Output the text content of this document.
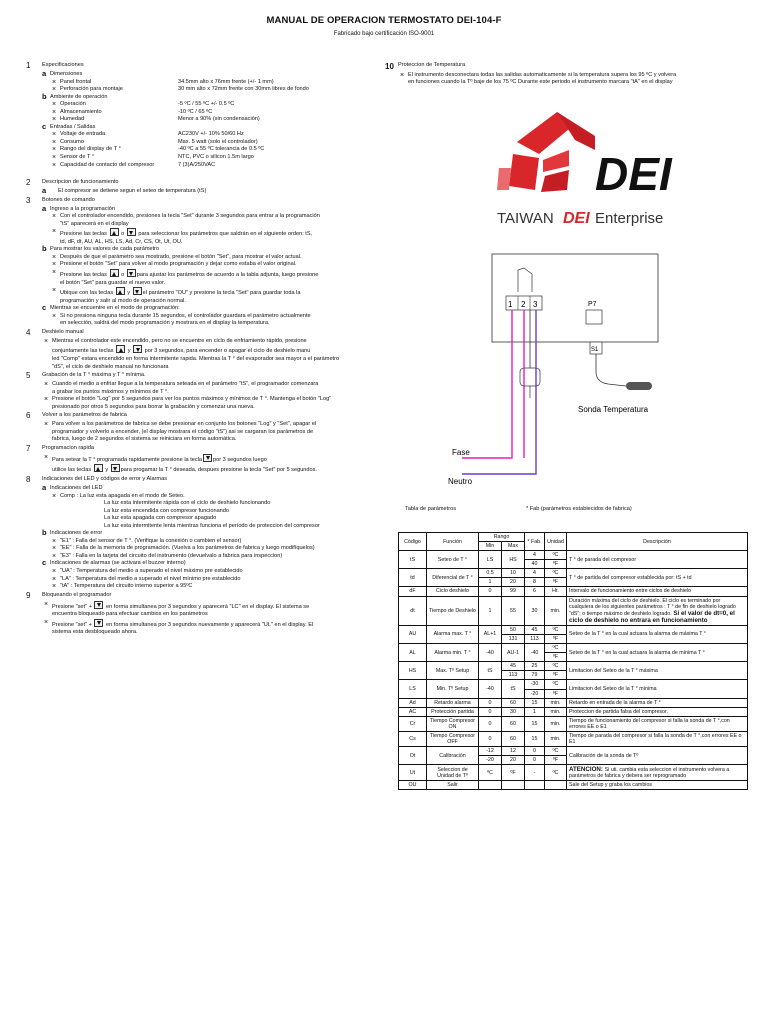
MANUAL DE OPERACION TERMOSTATO DEI-104-F
Fabricado bajo certificación ISO-9001
1 Especificaciones
a Dimensiones
× Panel frontal	34.5mm alto x 76mm frente (+/- 1 mm)
× Perforación para montaje	30 mm alto x 72mm frente con 30mm libres de fondo
b Ambiente de operación
× Operación	-5 ºC / 55 ºC +/- 0.5 ºC
× Almacenamiento	-10 ºC / 65 ºC
× Humedad	Menor a 90% (sin condensación)
c Entradas / Salidas
× Voltaje de entrada	AC230V +/- 10% 50/60 Hz
× Consumo	Max. 5 watt (solo el controlador)
× Rango del display de T °	-40 ºC a 55 ºC tolerancia de 0.5 ºC
× Sensor de T °	NTC, PVC o silicon 1.5m largo
× Capacidad de contacto del compresor	7 (3)A/250VAC
2 Descripcion de funcionamiento
a El compresor se detiene segun el seteo de temperatura (tS)
3 Botones de comando
a Ingreso a la programación
× Con el controlador encendido, presiones la tecla "Set" durante 3 segundos para entrar a la programación
"tS" aparecerá en el display
× Presione las teclas	o	para seleccionar los parámetros que saldrán en el siguiente orden: tS,
td, dF, dt, AU, AL, HS, LS, Ad, Cr, CS, Ot, Ut, OU.
b Para mostrar los valores de cada parámetro
× Después de que el parámetro sea mostrado, presione el botón "Set", para mostrar el valor actual.
× Presione el botón "Set" para volver al modo programación y dejar como estaba el valor original.
× Presione las teclas	o para ajustar los parámetros de acuerdo a la tabla adjunta, luego presione
el botón "Set" para guardar el nuevo valor.
× Ubique con las teclas	y el parámetro "OU" y presione la tecla "Set" para guardar toda la
programación y salir al modo de operación normal.
c Mientras se encuentre en el modo de programación:
× Si no presiona ninguna tecla durante 15 segundos, el controlador guardara el parámetro actualmente
en selección, saldrá del modo programación y mostrara en el display la temperatura.
4 Deshielo manual
× Mientras el controlador este encendido, pero no se encuentre en ciclo de enfriamiento rápido, presione
conjuntamente las teclas	y	por 3 segundos, para encender o apagar el ciclo de deshielo manu
led "Comp" estara encendido en forma intermitente rapida. Mientras la T ° del evaporador sea mayor a el parámetro
"dS", el ciclo de deshielo manual no funcionara
5 Grabación de la T ° máxima y T ° mínima.
× Cuando el medio a enfriar llegue a la temperatura seteada en el parámetro "tS", el programador comenzara
a grabar los puntos máximos y mínimos de T °.
× Presione el botón "Log" por 5 segundos para ver los puntos máximos y mínimos de T °. Mantenga el botón "Log"
presionado por otros 5 segundos para borrar la grabación y comenzar una nueva.
6 Volver a los parámetros de fabrica
× Para volver a los parámetros de fabrica se debe presionar en conjunto los botones "Log" y "Set", apagar el
programador y volverlo a encender, (el display mostrara el código "tS") asi se cargaran los parámetros de
fabrica, luego de 2 segundos el sistema se reiniciara en forma automática.
7 Programacion rapida
× Para setear la T ° programada rapidamente presione la tecla por 3 segundos luego
utilice las teclas	y para progamar la T ° deseada, despues presione la tecla "Set" por 5 segundos.
8 Indicaciones del LED y códigos de error y Alarmas
a Indicaciones del LED
× Comp : La luz esta apagada en el modo de Seteo.
La luz esta intermitente rápida con el ciclo de deshielo funcionando
La luz esta encendida con compresor funcionando
La luz esta apagada con compresor apagado
La luz esta intermitente lenta mientras funciona el período de proteccion del compresor
b Indicaciones de error
× "E1" : Falla del sensor de T °. (Verifique la conexión o cambien el sensor)
× "EE" : Falla de la memoria de programación. (Vuelva a los parámetros de fabrica y luego modifíquelos)
× "E3" : Falla en la tarjeta del circuito del instrumento (devuelvalo a fabrica para inspeccion)
c Indicaciones de alarmas (se activara el buzzer interno)
× "UA" : Temperatura del medio a superado el nivel máximo pre establecido
× "LA" : Temperatura del medio a superado el nivel mínimo pre establecido
× "tA" : Temperatura del circuito interno superior a 95ºC
9 Bloqueando el programador
× Presione "set" +	en forma simultanea por 3 segundos y aparecerá "LC" en el display. El sistema se
encuentra bloqueado para efectuar cambios en los parámetros
× Presione "set" +	en forma simultanea por 3 segundos nuevamente y aparecerá "UL" en el display. El
sistema esta desbloqueado ahora.
10 Proteccion de Temperatura
× El instrumento desconectara todas las salidas automaticamente si la temperatura supera los 95 ºC y volvera
en funciones cuando la Tº baje de los 75 ºC Durante este periodo el instrumento marcara "tA" en el display
DEI
TAIWAN DEI Enterprise
1 2 3	P7
S1
Sonda Temperatura
Fase
Neutro
Tabla de parámetros	* Fab (parámetros establecidos de fabrica)
Código	Función	Rango		* Fab.	Unidad	Descripción
		Min	Max			
tS	Seteo de T °	LS	HS	4	ºC	T ° de parada del compresor
				40	ºF	
td	Diferencial de T °	0.5	10	4	ºC	T ° de partida del compresor establecida por: tS + td
		1	20	8	ºF	
dF	Ciclo deshielo	0	99	6	Hr.	Intervalo de funcionamiento entre ciclos de deshielo
dt	Tiempo de Deshielo	1	55	30	min.	Duración máxima del ciclo de deshielo. El ciclo es terminado por cualquiera de los siguientes parámetros : T ° de fin de deshielo logrado "dS"; o tiempo máximo de deshielo logrado. Si el valor de dt=0, el ciclo de deshielo no entrara en funcionamiento
AU	Alarma max. T °	AL+1	50	45	ºC	Seteo de la T ° en la cual actuara la alarma de máxima T °
			131	113	ºF	
AL	Alarma min. T °	-40	AU-1	-40	ºC	Seteo de la T ° en la cual actuara la alarma de mínima T °
					ºF	
HS	Max. Tº Setup	tS	45	25	ºC	Limitacion del Seteo de la T ° máxima
			113	79	ºF	
LS	Min. Tº Setup	-40	tS	-30	ºC	Limitacion del Seteo de la T ° mínima
				-20	ºF	
Ad	Retardo alarma	0	60	15	min.	Retardo en entrada de la alarma de T °
AC	Protección partida	0	30	1	min.	Proteccion de partida falsa del compresor.
Cr	Tiempo Compresor ON	0	60	15	min.	Tiempo de funcionamiento del compresor si falla la sonda de T °,con errores EE o E1
Cs	Tiempo Compresor OFF	0	60	15	min.	Tiempo de parada del compresor si falla la sonda de T °,con errores EE o E1
Ot	Calibración	-12	12	0	ºC	Calibración de la sonda de Tº
		-20	20	0	ºF	
Ut	Seleccion de Unidad de Tº	ºC	ºF	-	ºC	ATENCION: Si uti. cambia esta seleccion el instrumento volvera a parámetros de fabrica y debera ser reprogramado
OU	Salir					Sale del Setup y graba los cambios
